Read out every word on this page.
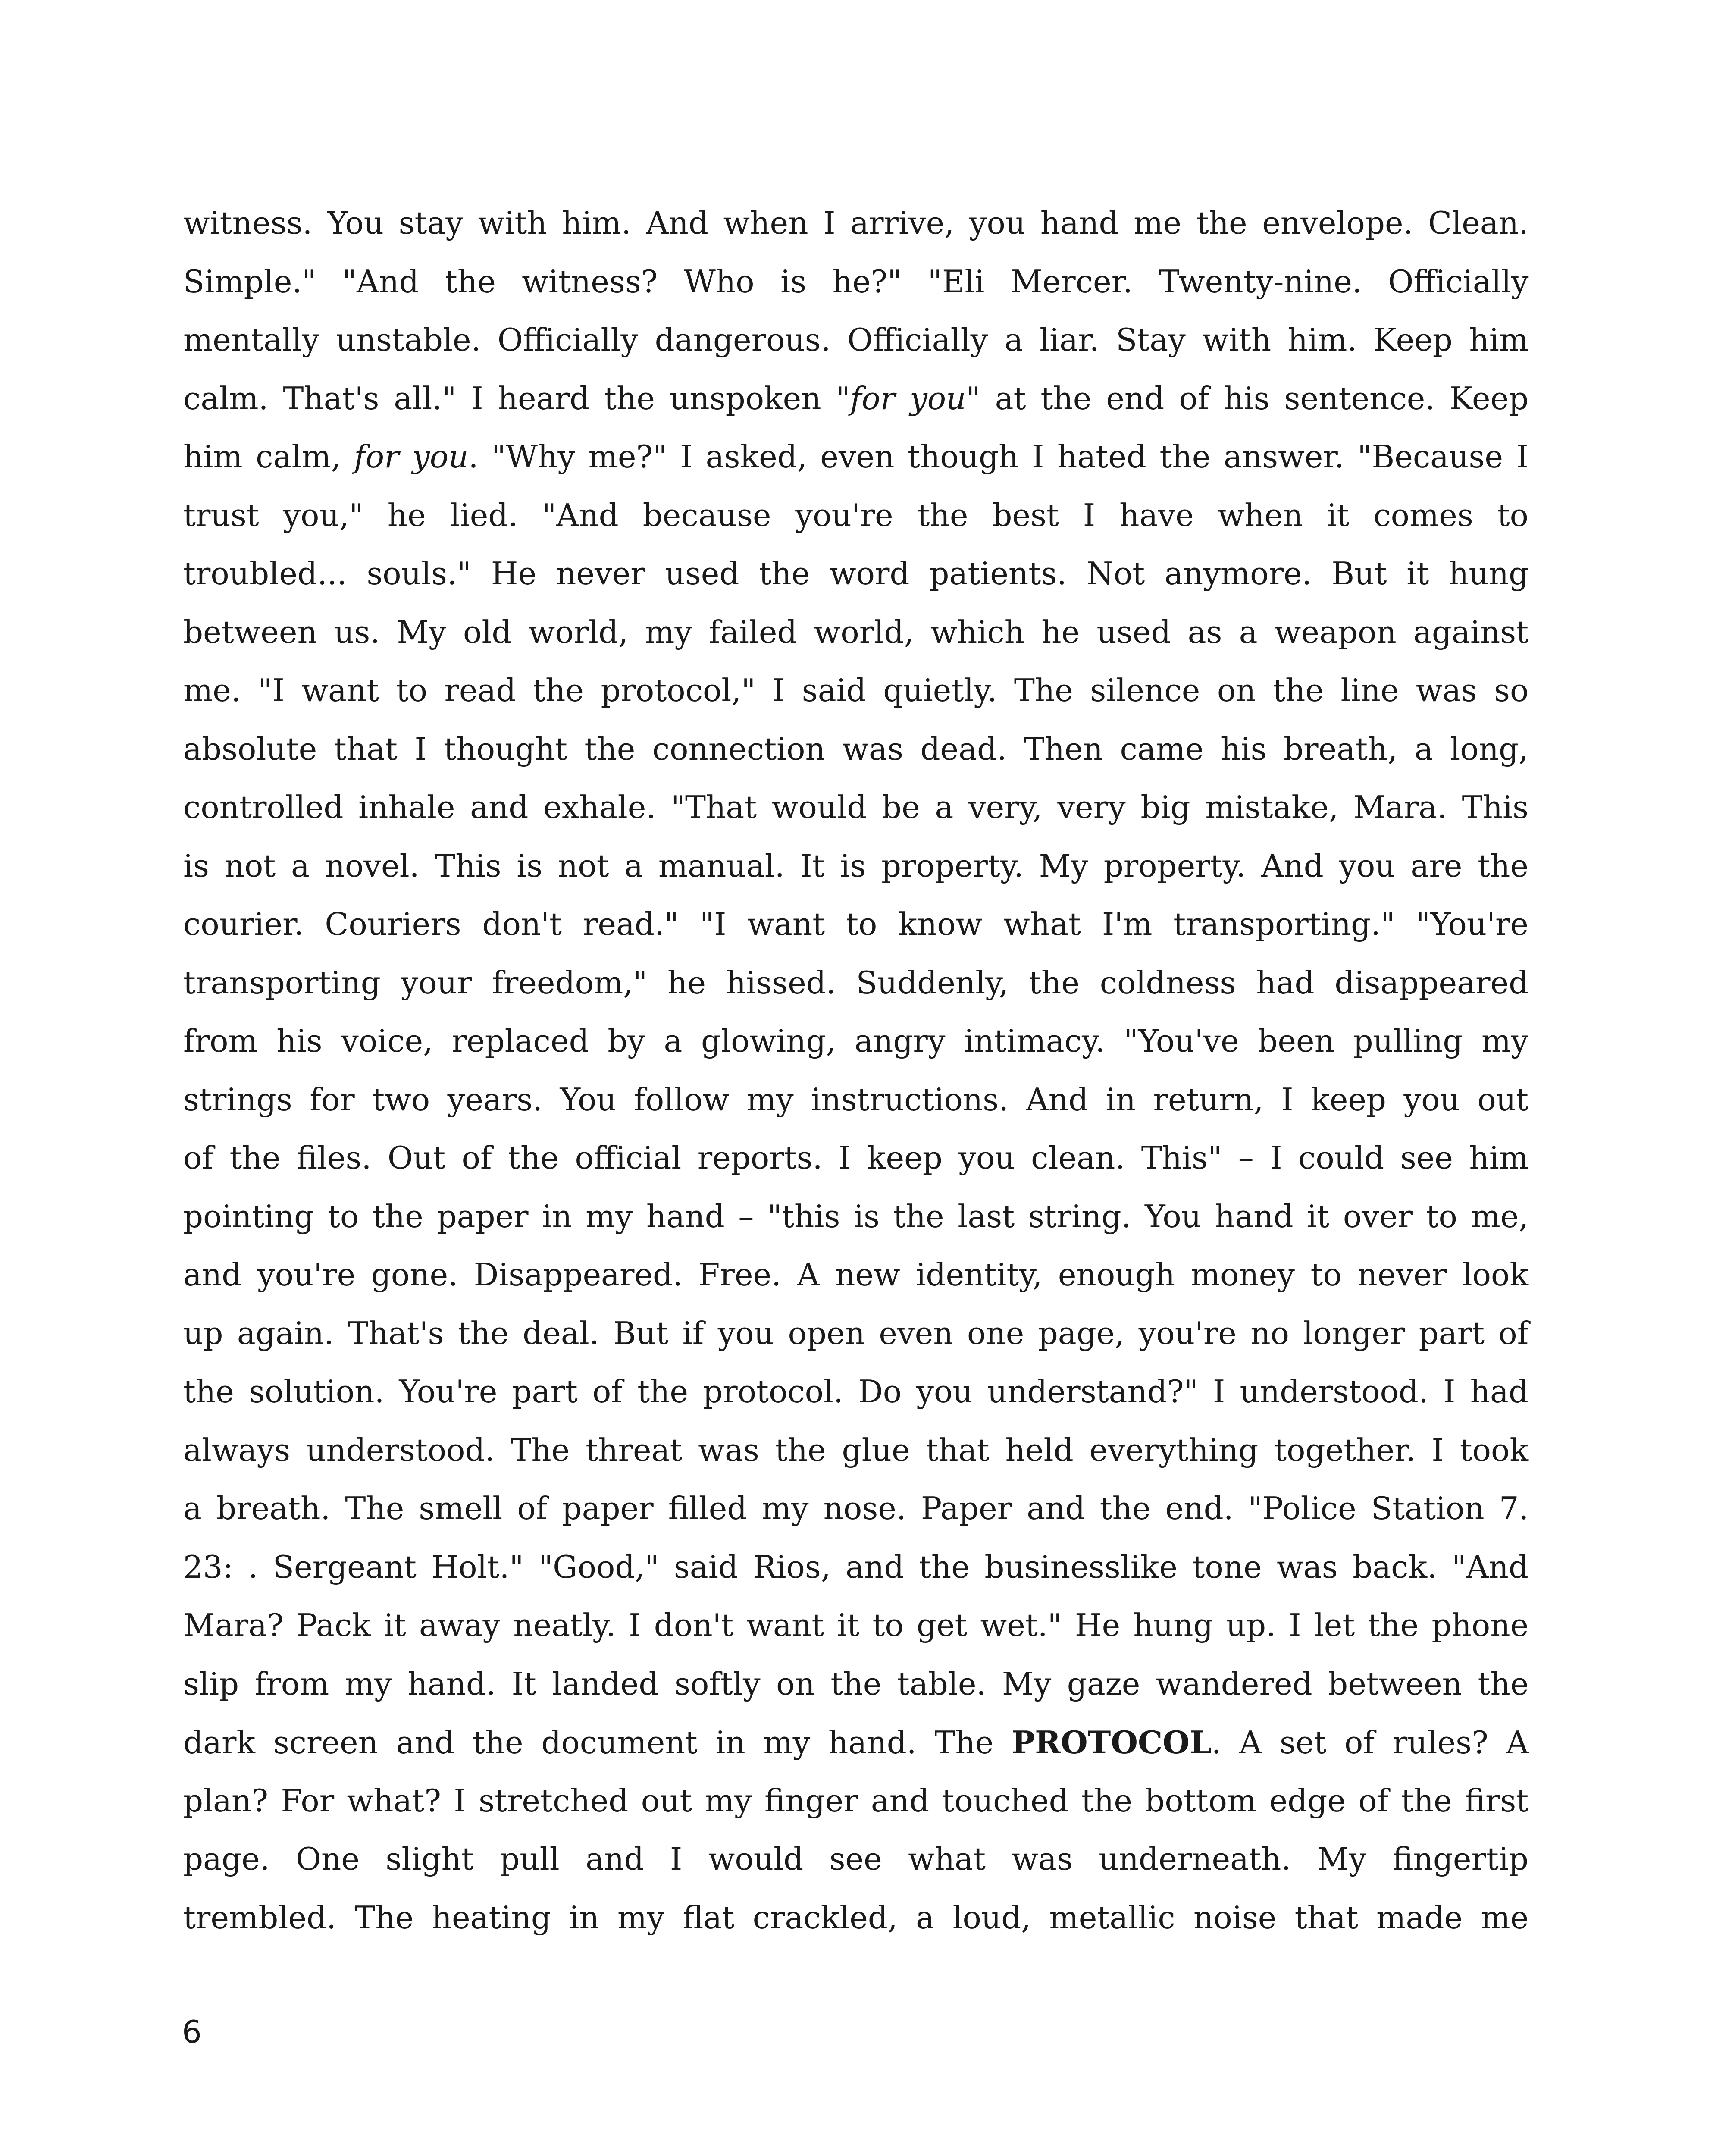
witness. You stay with him. And when I arrive, you hand me the envelope. Clean.
Simple." "And the witness? Who is he?" "Eli Mercer. Twenty-nine. Officially
mentally unstable. Officially dangerous. Officially a liar. Stay with him. Keep him
calm. That's all." I heard the unspoken "for you" at the end of his sentence. Keep
him calm, for you. "Why me?" I asked, even though I hated the answer. "Because I
trust you," he lied. "And because you're the best I have when it comes to
troubled... souls." He never used the word patients. Not anymore. But it hung
between us. My old world, my failed world, which he used as a weapon against
me. "I want to read the protocol," I said quietly. The silence on the line was so
absolute that I thought the connection was dead. Then came his breath, a long,
controlled inhale and exhale. "That would be a very, very big mistake, Mara. This
is not a novel. This is not a manual. It is property. My property. And you are the
courier. Couriers don't read." "I want to know what I'm transporting." "You're
transporting your freedom," he hissed. Suddenly, the coldness had disappeared
from his voice, replaced by a glowing, angry intimacy. "You've been pulling my
strings for two years. You follow my instructions. And in return, I keep you out
of the files. Out of the official reports. I keep you clean. This" – I could see him
pointing to the paper in my hand – "this is the last string. You hand it over to me,
and you're gone. Disappeared. Free. A new identity, enough money to never look
up again. That's the deal. But if you open even one page, you're no longer part of
the solution. You're part of the protocol. Do you understand?" I understood. I had
always understood. The threat was the glue that held everything together. I took
a breath. The smell of paper filled my nose. Paper and the end. "Police Station 7.
23: . Sergeant Holt." "Good," said Rios, and the businesslike tone was back. "And
Mara? Pack it away neatly. I don't want it to get wet." He hung up. I let the phone
slip from my hand. It landed softly on the table. My gaze wandered between the
dark screen and the document in my hand. The PROTOCOL. A set of rules? A
plan? For what? I stretched out my finger and touched the bottom edge of the first
page. One slight pull and I would see what was underneath. My fingertip
trembled. The heating in my flat crackled, a loud, metallic noise that made me
6
